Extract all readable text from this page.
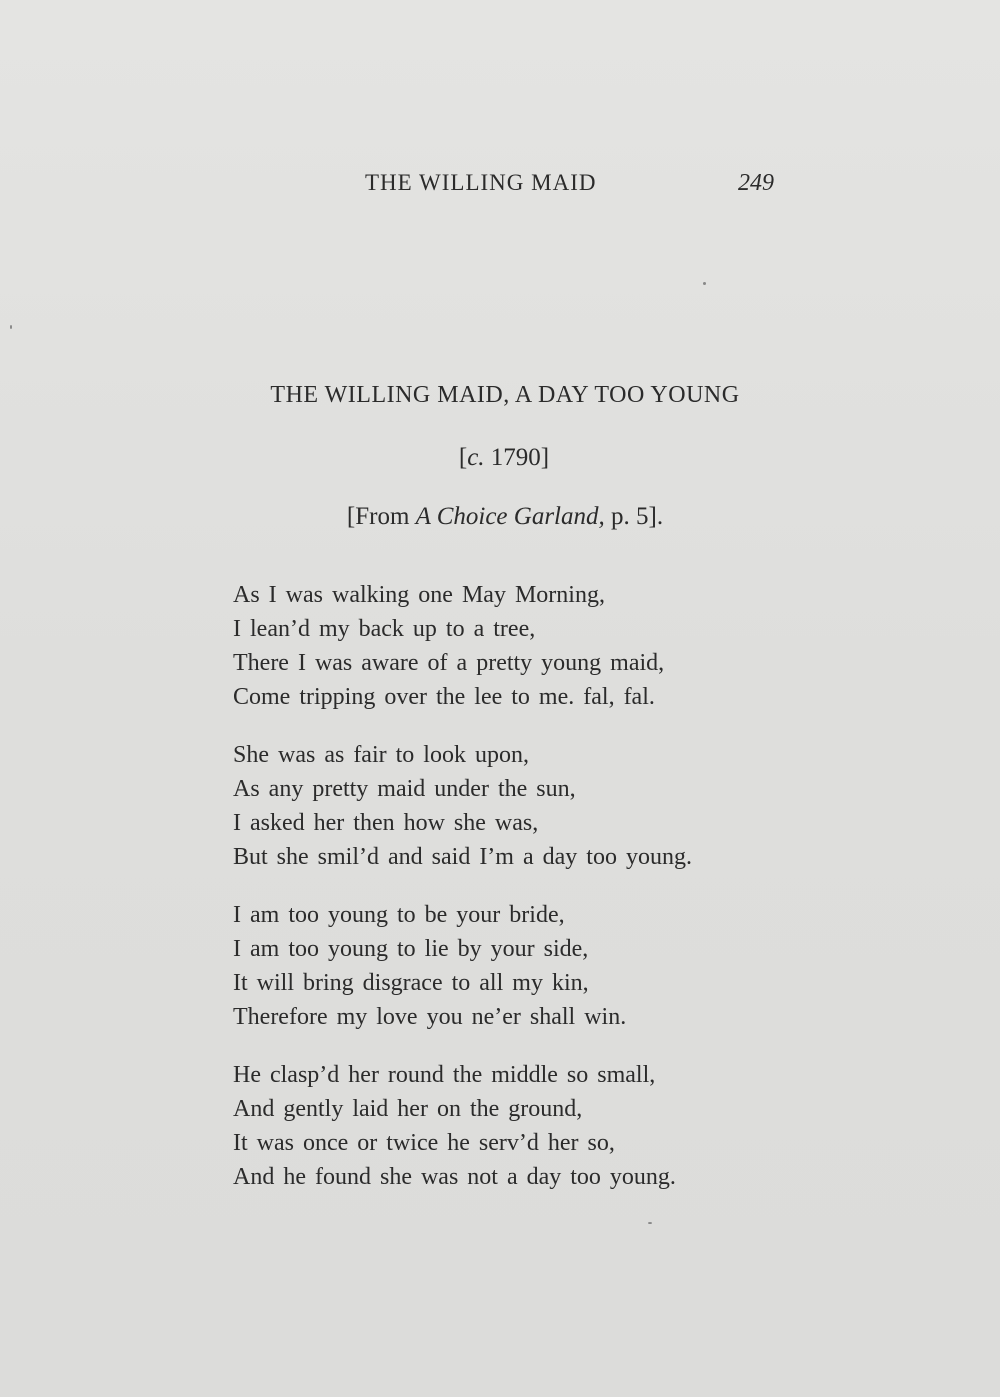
THE WILLING MAID	249
THE WILLING MAID, A DAY TOO YOUNG
[c. 1790]
[From A Choice Garland, p. 5].
As I was walking one May Morning,
I lean’d my back up to a tree,
There I was aware of a pretty young maid,
Come tripping over the lee to me. fal, fal.
She was as fair to look upon,
As any pretty maid under the sun,
I asked her then how she was,
But she smil’d and said I’m a day too young.
I am too young to be your bride,
I am too young to lie by your side,
It will bring disgrace to all my kin,
Therefore my love you ne’er shall win.
He clasp’d her round the middle so small,
And gently laid her on the ground,
It was once or twice he serv’d her so,
And he found she was not a day too young.
